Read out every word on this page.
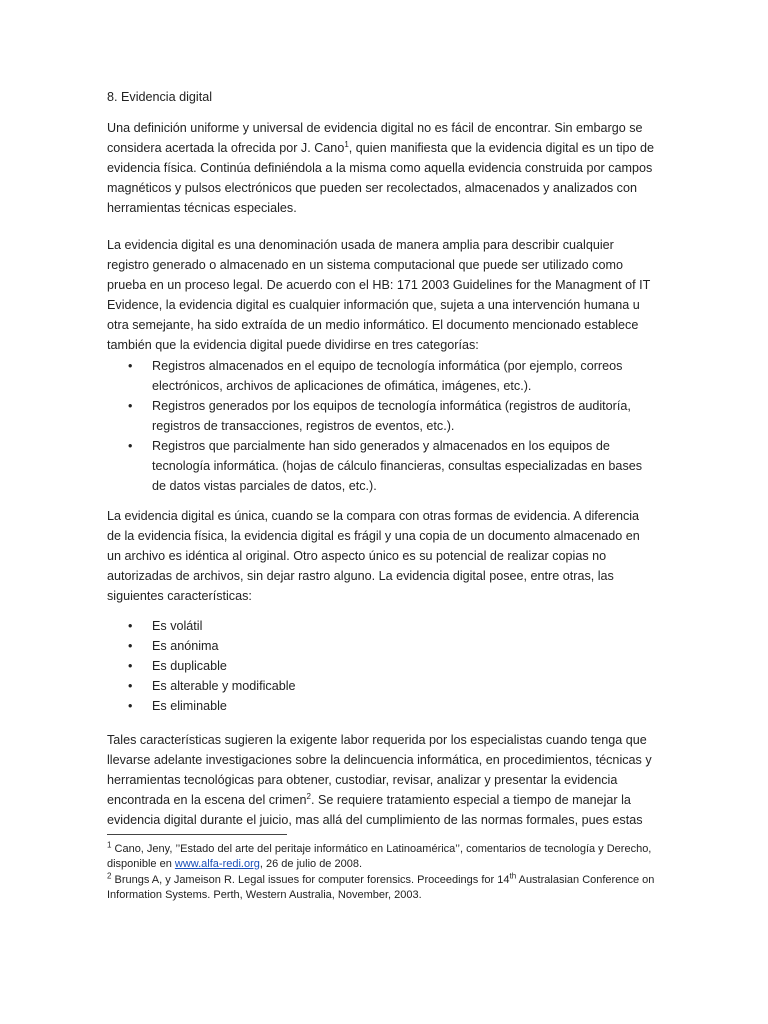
8. Evidencia digital

Una definición uniforme y universal de evidencia digital no es fácil de encontrar. Sin embargo se considera acertada la ofrecida por J. Cano$^1$, quien manifiesta que la evidencia digital es un tipo de evidencia física. Continúa definiéndola a la misma como aquella evidencia construida por campos magnéticos y pulsos electrónicos que pueden ser recolectados, almacenados y analizados con herramientas técnicas especiales.

La evidencia digital es una denominación usada de manera amplia para describir cualquier registro generado o almacenado en un sistema computacional que puede ser utilizado como prueba en un proceso legal. De acuerdo con el HB: 171 2003 Guidelines for the Managment of IT Evidence, la evidencia digital es cualquier información que, sujeta a una intervención humana u otra semejante, ha sido extraída de un medio informático. El documento mencionado establece también que la evidencia digital puede dividirse en tres categorías:

•	Registros almacenados en el equipo de tecnología informática (por ejemplo, correos electrónicos, archivos de aplicaciones de ofimática, imágenes, etc.).
•	Registros generados por los equipos de tecnología informática (registros de auditoría, registros de transacciones, registros de eventos, etc.).
•	Registros que parcialmente han sido generados y almacenados en los equipos de tecnología informática. (hojas de cálculo financieras, consultas especializadas en bases de datos vistas parciales de datos, etc.).

La evidencia digital es única, cuando se la compara con otras formas de evidencia. A diferencia de la evidencia física, la evidencia digital es frágil y una copia de un documento almacenado en un archivo es idéntica al original. Otro aspecto único es su potencial de realizar copias no autorizadas de archivos, sin dejar rastro alguno. La evidencia digital posee, entre otras, las siguientes características:

•	Es volátil
•	Es anónima
•	Es duplicable
•	Es alterable y modificable
•	Es eliminable

Tales características sugieren la exigente labor requerida por los especialistas cuando tenga que llevarse adelante investigaciones sobre la delincuencia informática, en procedimientos, técnicas y herramientas tecnológicas para obtener, custodiar, revisar, analizar y presentar la evidencia encontrada en la escena del crimen$^2$. Se requiere tratamiento especial a tiempo de manejar la evidencia digital durante el juicio, mas allá del cumplimiento de las normas formales, pues estas

$^1$ Cano, Jeny, ’’Estado del arte del peritaje informático en Latinoamérica’’, comentarios de tecnología y Derecho, disponible en www.alfa-redi.org, 26 de julio de 2008.

$^2$ Brungs A, y Jameison R. Legal issues for computer forensics. Proceedings for 14th Australasian Conference on Information Systems. Perth, Western Australia, November, 2003.
